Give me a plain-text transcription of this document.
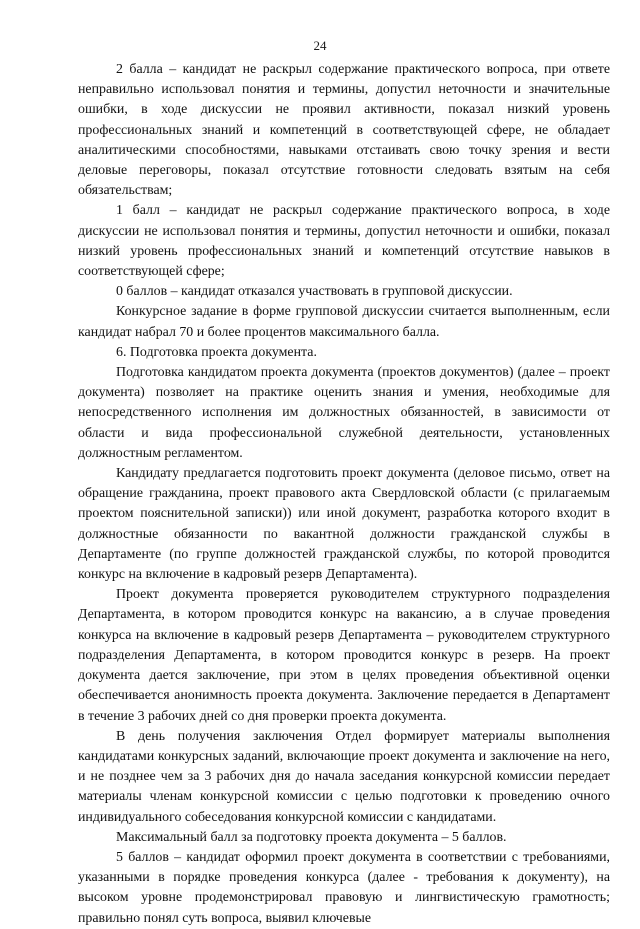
24

2 балла – кандидат не раскрыл содержание практического вопроса, при ответе неправильно использовал понятия и термины, допустил неточности и значительные ошибки, в ходе дискуссии не проявил активности, показал низкий уровень профессиональных знаний и компетенций в соответствующей сфере, не обладает аналитическими способностями, навыками отстаивать свою точку зрения и вести деловые переговоры, показал отсутствие готовности следовать взятым на себя обязательствам;

1 балл – кандидат не раскрыл содержание практического вопроса, в ходе дискуссии не использовал понятия и термины, допустил неточности и ошибки, показал низкий уровень профессиональных знаний и компетенций отсутствие навыков в соответствующей сфере;

0 баллов – кандидат отказался участвовать в групповой дискуссии.

Конкурсное задание в форме групповой дискуссии считается выполненным, если кандидат набрал 70 и более процентов максимального балла.

6. Подготовка проекта документа.

Подготовка кандидатом проекта документа (проектов документов) (далее – проект документа) позволяет на практике оценить знания и умения, необходимые для непосредственного исполнения им должностных обязанностей, в зависимости от области и вида профессиональной служебной деятельности, установленных должностным регламентом.

Кандидату предлагается подготовить проект документа (деловое письмо, ответ на обращение гражданина, проект правового акта Свердловской области (с прилагаемым проектом пояснительной записки)) или иной документ, разработка которого входит в должностные обязанности по вакантной должности гражданской службы в Департаменте (по группе должностей гражданской службы, по которой проводится конкурс на включение в кадровый резерв Департамента).

Проект документа проверяется руководителем структурного подразделения Департамента, в котором проводится конкурс на вакансию, а в случае проведения конкурса на включение в кадровый резерв Департамента – руководителем структурного подразделения Департамента, в котором проводится конкурс в резерв. На проект документа дается заключение, при этом в целях проведения объективной оценки обеспечивается анонимность проекта документа. Заключение передается в Департамент в течение 3 рабочих дней со дня проверки проекта документа.

В день получения заключения Отдел формирует материалы выполнения кандидатами конкурсных заданий, включающие проект документа и заключение на него, и не позднее чем за 3 рабочих дня до начала заседания конкурсной комиссии передает материалы членам конкурсной комиссии с целью подготовки к проведению очного индивидуального собеседования конкурсной комиссии с кандидатами.

Максимальный балл за подготовку проекта документа – 5 баллов.

5 баллов – кандидат оформил проект документа в соответствии с требованиями, указанными в порядке проведения конкурса (далее - требования к документу), на высоком уровне продемонстрировал правовую и лингвистическую грамотность; правильно понял суть вопроса, выявил ключевые
